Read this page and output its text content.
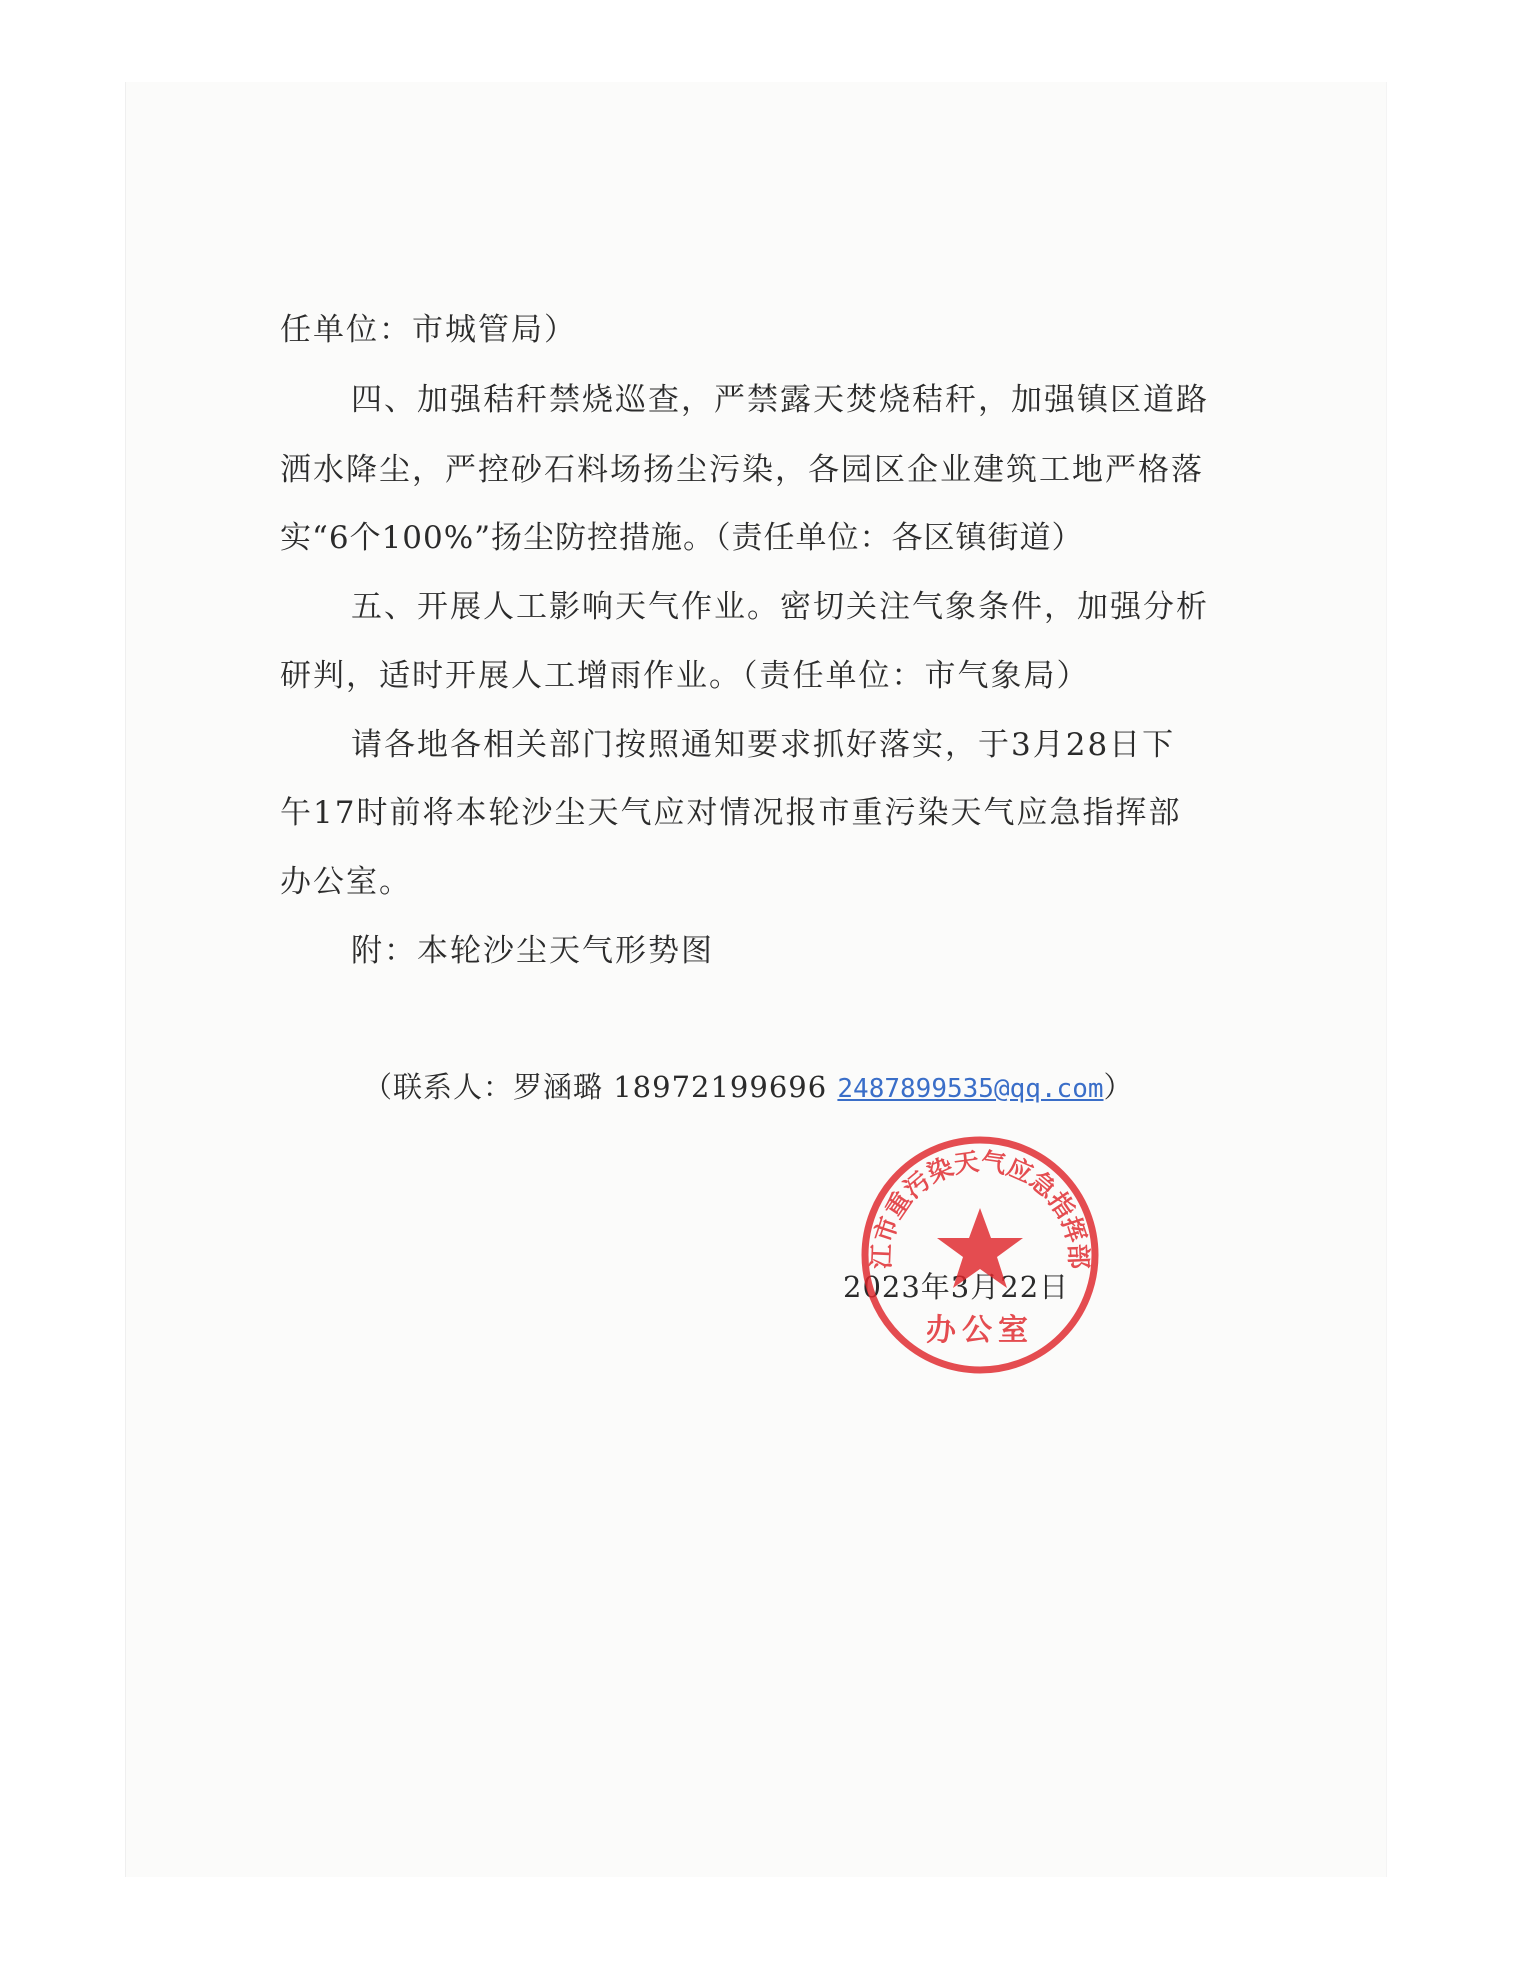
任单位：市城管局）
四、加强秸秆禁烧巡查，严禁露天焚烧秸秆，加强镇区道路
洒水降尘，严控砂石料场扬尘污染，各园区企业建筑工地严格落
实“6个100%”扬尘防控措施。（责任单位：各区镇街道）
五、开展人工影响天气作业。密切关注气象条件，加强分析
研判，适时开展人工增雨作业。（责任单位：市气象局）
请各地各相关部门按照通知要求抓好落实，于3月28日下
午17时前将本轮沙尘天气应对情况报市重污染天气应急指挥部
办公室。
附：本轮沙尘天气形势图
（联系人：罗涵璐 18972199696 2487899535@qq.com）
2023年3月22日
江市重污染天气应急指挥部
办公室
